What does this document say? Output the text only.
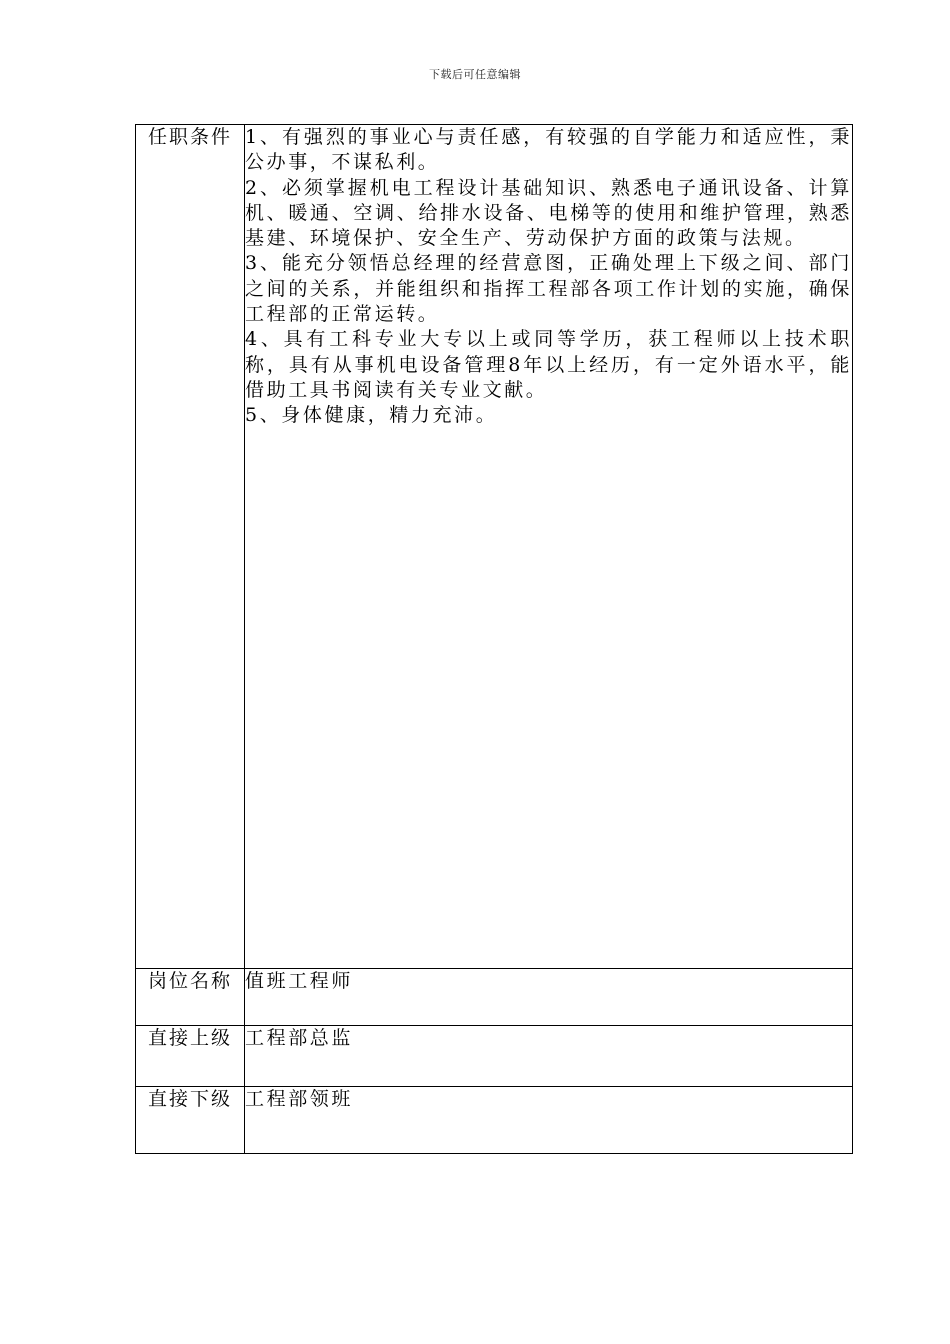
下载后可任意编辑
任职条件	1、有强烈的事业心与责任感，有较强的自学能力和适应性，秉公办事，不谋私利。

2、必须掌握机电工程设计基础知识、熟悉电子通讯设备、计算机、暖通、空调、给排水设备、电梯等的使用和维护管理，熟悉基建、环境保护、安全生产、劳动保护方面的政策与法规。

3、能充分领悟总经理的经营意图，正确处理上下级之间、部门之间的关系，并能组织和指挥工程部各项工作计划的实施，确保工程部的正常运转。

4、具有工科专业大专以上或同等学历，获工程师以上技术职称，具有从事机电设备管理8年以上经历，有一定外语水平，能借助工具书阅读有关专业文献。

5、身体健康，精力充沛。

岗位名称	值班工程师

直接上级	工程部总监

直接下级	工程部领班
